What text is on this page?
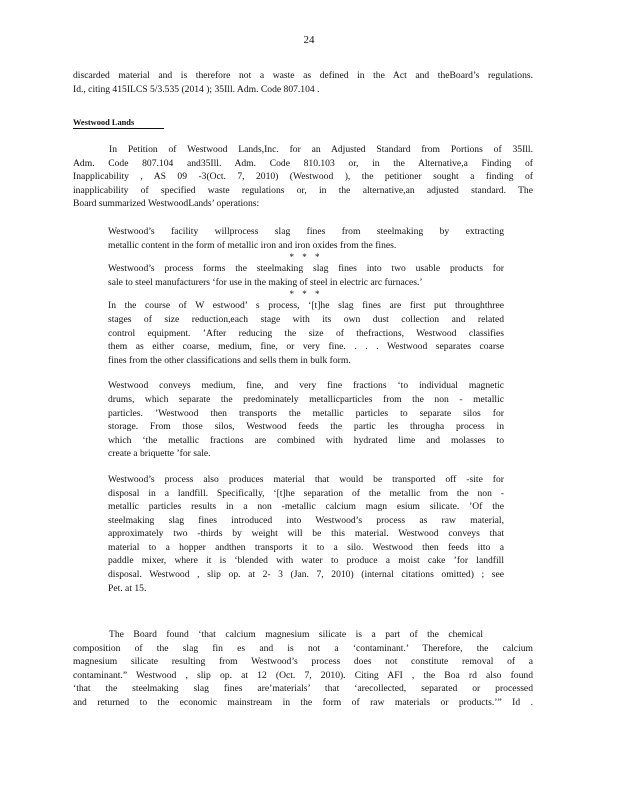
24
discarded material and is therefore not a waste as defined in the Act and theBoard’s regulations.
Id., citing 415ILCS 5/3.535 (2014 ); 35Ill. Adm. Code 807.104 .
Westwood Lands
In Petition of Westwood Lands,Inc. for an Adjusted Standard from Portions of 35Ill.
Adm. Code 807.104 and35Ill. Adm. Code 810.103 or, in the Alternative,a Finding of
Inapplicability , AS 09 -3(Oct. 7, 2010) (Westwood ), the petitioner sought a finding of
inapplicability of specified waste regulations or, in the alternative,an adjusted standard. The
Board summarized WestwoodLands’ operations:
Westwood’s facility willprocess slag fines from steelmaking by extracting
metallic content in the form of metallic iron and iron oxides from the fines.
* * *
Westwood’s process forms the steelmaking slag fines into two usable products for
sale to steel manufacturers ‘for use in the making of steel in electric arc furnaces.’
* * *
In the course of W estwood’ s process, ‘[t]he slag fines are first put throughthree
stages of size reduction,each stage with its own dust collection and related
control equipment. ’After reducing the size of thefractions, Westwood classifies
them as either coarse, medium, fine, or very fine. . . . Westwood separates coarse
fines from the other classifications and sells them in bulk form.
Westwood conveys medium, fine, and very fine fractions ‘to individual magnetic
drums, which separate the predominately metallicparticles from the non - metallic
particles. ’Westwood then transports the metallic particles to separate silos for
storage. From those silos, Westwood feeds the partic les througha process in
which ‘the metallic fractions are combined with hydrated lime and molasses to
create a briquette ’for sale.
Westwood’s process also produces material that would be transported off -site for
disposal in a landfill. Specifically, ‘[t]he separation of the metallic from the non -
metallic particles results in a non -metallic calcium magn esium silicate. ’Of the
steelmaking slag fines introduced into Westwood’s process as raw material,
approximately two -thirds by weight will be this material. Westwood conveys that
material to a hopper andthen transports it to a silo. Westwood then feeds itto a
paddle mixer, where it is ‘blended with water to produce a moist cake ’for landfill
disposal. Westwood , slip op. at 2- 3 (Jan. 7, 2010) (internal citations omitted) ; see
Pet. at 15.
The Board found ‘that calcium magnesium silicate is a part of the chemical
composition of the slag fin es and is not a ‘contaminant.’ Therefore, the calcium
magnesium silicate resulting from Westwood’s process does not constitute removal of a
contaminant.” Westwood , slip op. at 12 (Oct. 7, 2010). Citing AFI , the Boa rd also found
‘that the steelmaking slag fines are’materials’ that ‘arecollected, separated or processed
and returned to the economic mainstream in the form of raw materials or products.’” Id .
